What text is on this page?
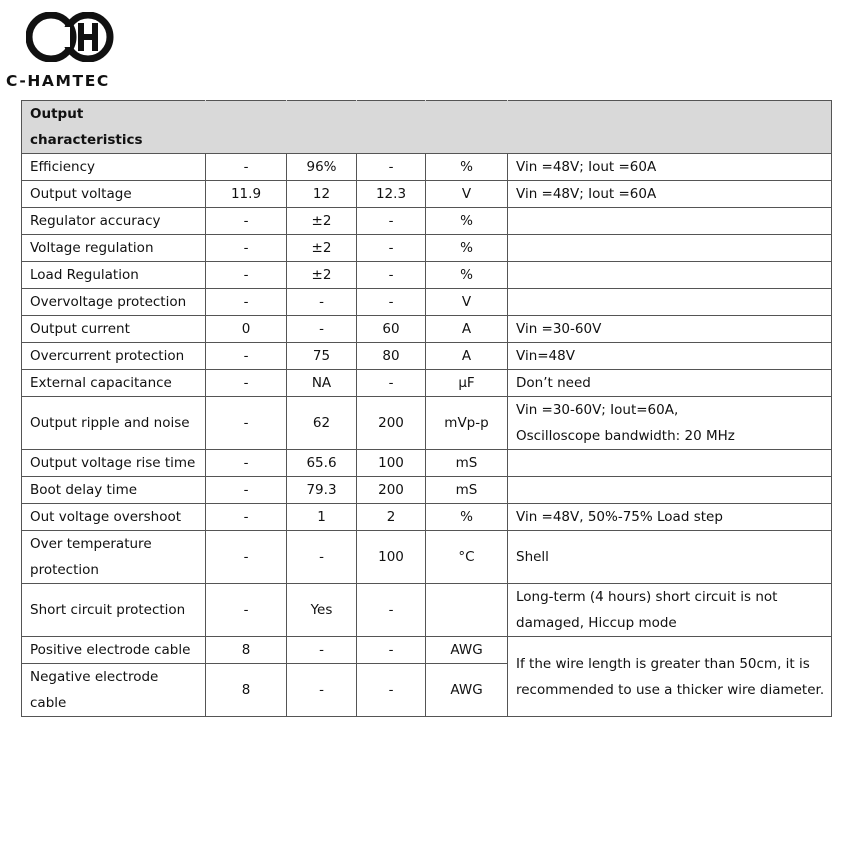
C-HAMTEC
Output characteristics					

Efficiency	-	96%	-	%	Vin =48V; Iout =60A

Output voltage	11.9	12	12.3	V	Vin =48V; Iout =60A

Regulator accuracy	-	±2	-	%	

Voltage regulation	-	±2	-	%	

Load Regulation	-	±2	-	%	

Overvoltage protection	-	-	-	V	

Output current	0	-	60	A	Vin =30-60V

Overcurrent protection	-	75	80	A	Vin=48V

External capacitance	-	NA	-	μF	Don’t need

Output ripple and noise	-	62	200	mVp-p	Vin =30-60V; Iout=60A,
Oscilloscope bandwidth: 20 MHz

Output voltage rise time	-	65.6	100	mS	

Boot delay time	-	79.3	200	mS	

Out voltage overshoot	-	1	2	%	Vin =48V, 50%-75% Load step

Over temperature
protection	-	-	100	°C	Shell

Short circuit protection	-	Yes	-		Long-term (4 hours) short circuit is not
damaged, Hiccup mode

Positive electrode cable	8	-	-	AWG	If the wire length is greater than 50cm, it is
recommended to use a thicker wire diameter.

Negative electrode cable	8	-	-	AWG	
